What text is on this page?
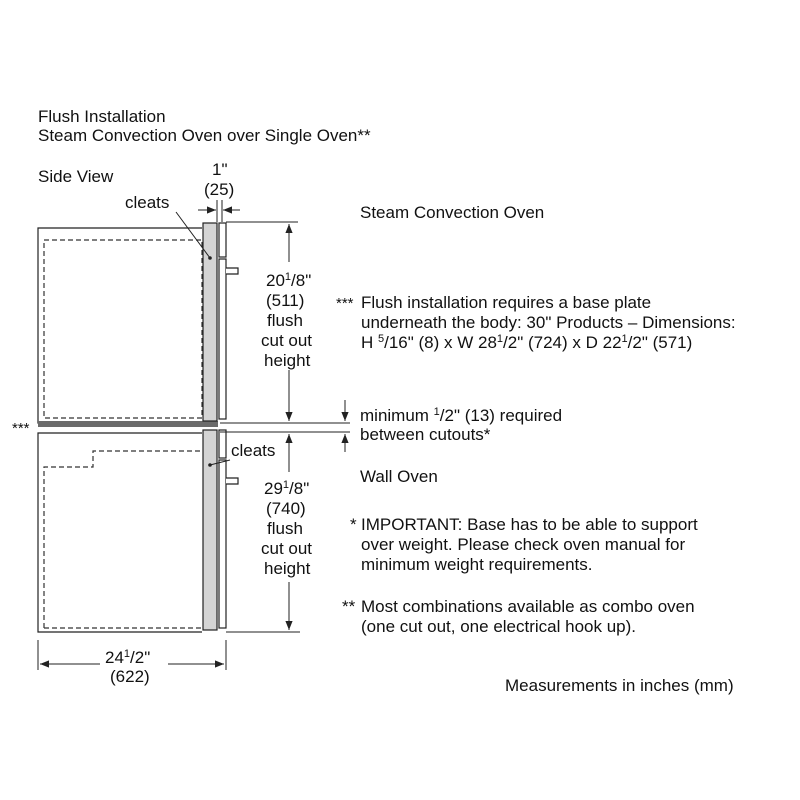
Flush Installation
Steam Convection Oven over Single Oven**
Side View
***
cleats
cleats
1"
(25)
$20^1/8$"
(511)
flush
cut out
height
$29^1/8$"
(740)
flush
cut out
height
minimum $^1$/2" (13) required
between cutouts*
$24^1/2$"
(622)
Steam Convection Oven
Wall Oven
*** Flush installation requires a base plate
underneath the body: 30" Products – Dimensions:
H $^5$/16" (8) x W $28^1/2$" (724) x D $22^1/2$" (571)
* IMPORTANT: Base has to be able to support
over weight. Please check oven manual for
minimum weight requirements.
** Most combinations available as combo oven
(one cut out, one electrical hook up).
Measurements in inches (mm)
